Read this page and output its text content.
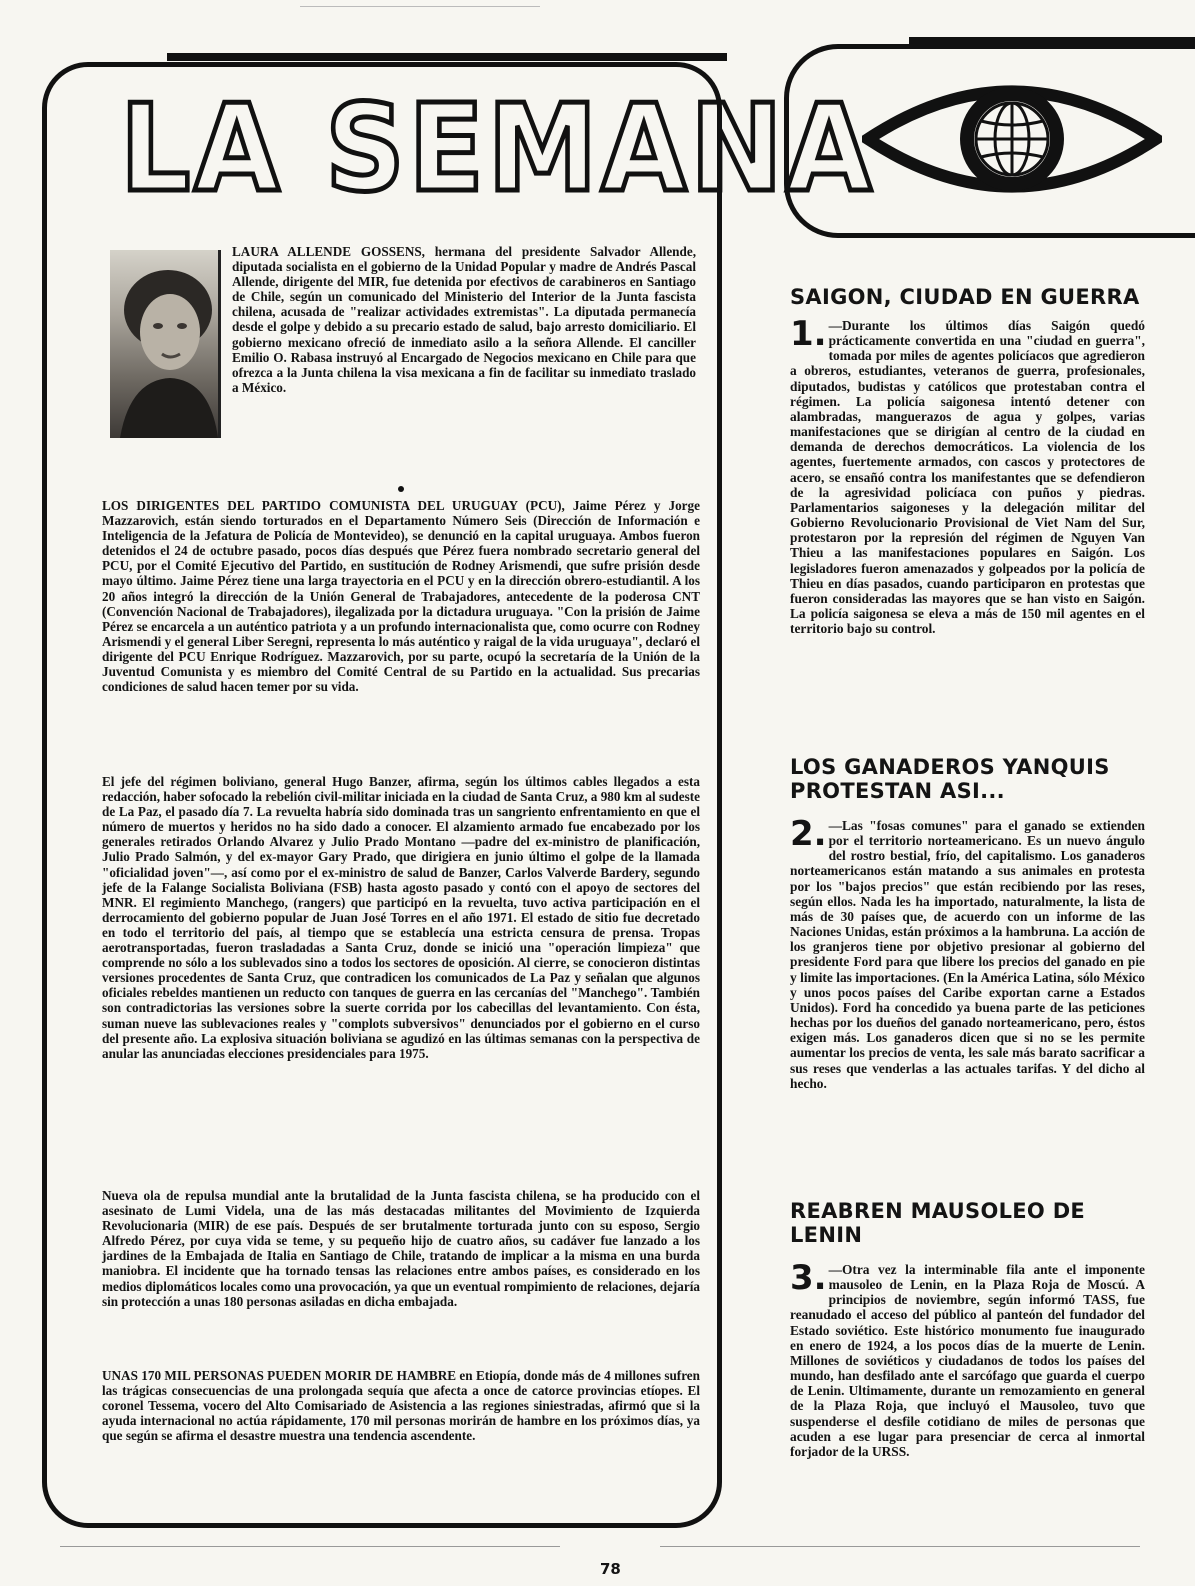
LA SEMANA

LAURA ALLENDE GOSSENS, hermana del presidente Salvador Allende, diputada socialista en el gobierno de la Unidad Popular y madre de Andrés Pascal Allende, dirigente del MIR, fue detenida por efectivos de carabineros en Santiago de Chile, según un comunicado del Ministerio del Interior de la Junta fascista chilena, acusada de "realizar actividades extremistas". La diputada permanecía desde el golpe y debido a su precario estado de salud, bajo arresto domiciliario. El gobierno mexicano ofreció de inmediato asilo a la señora Allende. El canciller Emilio O. Rabasa instruyó al Encargado de Negocios mexicano en Chile para que ofrezca a la Junta chilena la visa mexicana a fin de facilitar su inmediato traslado a México.

LOS DIRIGENTES DEL PARTIDO COMUNISTA DEL URUGUAY (PCU), Jaime Pérez y Jorge Mazzarovich, están siendo torturados en el Departamento Número Seis (Dirección de Información e Inteligencia de la Jefatura de Policía de Montevideo), se denunció en la capital uruguaya. Ambos fueron detenidos el 24 de octubre pasado, pocos días después que Pérez fuera nombrado secretario general del PCU, por el Comité Ejecutivo del Partido, en sustitución de Rodney Arismendi, que sufre prisión desde mayo último. Jaime Pérez tiene una larga trayectoria en el PCU y en la dirección obrero-estudiantil. A los 20 años integró la dirección de la Unión General de Trabajadores, antecedente de la poderosa CNT (Convención Nacional de Trabajadores), ilegalizada por la dictadura uruguaya. "Con la prisión de Jaime Pérez se encarcela a un auténtico patriota y a un profundo internacionalista que, como ocurre con Rodney Arismendi y el general Liber Seregni, representa lo más auténtico y raigal de la vida uruguaya", declaró el dirigente del PCU Enrique Rodríguez. Mazzarovich, por su parte, ocupó la secretaría de la Unión de la Juventud Comunista y es miembro del Comité Central de su Partido en la actualidad. Sus precarias condiciones de salud hacen temer por su vida.

El jefe del régimen boliviano, general Hugo Banzer, afirma, según los últimos cables llegados a esta redacción, haber sofocado la rebelión civil-militar iniciada en la ciudad de Santa Cruz, a 980 km al sudeste de La Paz, el pasado día 7. La revuelta habría sido dominada tras un sangriento enfrentamiento en que el número de muertos y heridos no ha sido dado a conocer. El alzamiento armado fue encabezado por los generales retirados Orlando Alvarez y Julio Prado Montano —padre del ex-ministro de planificación, Julio Prado Salmón, y del ex-mayor Gary Prado, que dirigiera en junio último el golpe de la llamada "oficialidad joven"—, así como por el ex-ministro de salud de Banzer, Carlos Valverde Bardery, segundo jefe de la Falange Socialista Boliviana (FSB) hasta agosto pasado y contó con el apoyo de sectores del MNR. El regimiento Manchego, (rangers) que participó en la revuelta, tuvo activa participación en el derrocamiento del gobierno popular de Juan José Torres en el año 1971. El estado de sitio fue decretado en todo el territorio del país, al tiempo que se establecía una estricta censura de prensa. Tropas aerotransportadas, fueron trasladadas a Santa Cruz, donde se inició una "operación limpieza" que comprende no sólo a los sublevados sino a todos los sectores de oposición. Al cierre, se conocieron distintas versiones procedentes de Santa Cruz, que contradicen los comunicados de La Paz y señalan que algunos oficiales rebeldes mantienen un reducto con tanques de guerra en las cercanías del "Manchego". También son contradictorias las versiones sobre la suerte corrida por los cabecillas del levantamiento. Con ésta, suman nueve las sublevaciones reales y "complots subversivos" denunciados por el gobierno en el curso del presente año. La explosiva situación boliviana se agudizó en las últimas semanas con la perspectiva de anular las anunciadas elecciones presidenciales para 1975.

Nueva ola de repulsa mundial ante la brutalidad de la Junta fascista chilena, se ha producido con el asesinato de Lumi Videla, una de las más destacadas militantes del Movimiento de Izquierda Revolucionaria (MIR) de ese país. Después de ser brutalmente torturada junto con su esposo, Sergio Alfredo Pérez, por cuya vida se teme, y su pequeño hijo de cuatro años, su cadáver fue lanzado a los jardines de la Embajada de Italia en Santiago de Chile, tratando de implicar a la misma en una burda maniobra. El incidente que ha tornado tensas las relaciones entre ambos países, es considerado en los medios diplomáticos locales como una provocación, ya que un eventual rompimiento de relaciones, dejaría sin protección a unas 180 personas asiladas en dicha embajada.

UNAS 170 MIL PERSONAS PUEDEN MORIR DE HAMBRE en Etiopía, donde más de 4 millones sufren las trágicas consecuencias de una prolongada sequía que afecta a once de catorce provincias etíopes. El coronel Tessema, vocero del Alto Comisariado de Asistencia a las regiones siniestradas, afirmó que si la ayuda internacional no actúa rápidamente, 170 mil personas morirán de hambre en los próximos días, ya que según se afirma el desastre muestra una tendencia ascendente.

SAIGON, CIUDAD EN GUERRA

1. —Durante los últimos días Saigón quedó prácticamente convertida en una "ciudad en guerra", tomada por miles de agentes policíacos que agredieron a obreros, estudiantes, veteranos de guerra, profesionales, diputados, budistas y católicos que protestaban contra el régimen. La policía saigonesa intentó detener con alambradas, manguerazos de agua y golpes, varias manifestaciones que se dirigían al centro de la ciudad en demanda de derechos democráticos. La violencia de los agentes, fuertemente armados, con cascos y protectores de acero, se ensañó contra los manifestantes que se defendieron de la agresividad policíaca con puños y piedras. Parlamentarios saigoneses y la delegación militar del Gobierno Revolucionario Provisional de Viet Nam del Sur, protestaron por la represión del régimen de Nguyen Van Thieu a las manifestaciones populares en Saigón. Los legisladores fueron amenazados y golpeados por la policía de Thieu en días pasados, cuando participaron en protestas que fueron consideradas las mayores que se han visto en Saigón. La policía saigonesa se eleva a más de 150 mil agentes en el territorio bajo su control.

LOS GANADEROS YANQUIS PROTESTAN ASI...

2. —Las "fosas comunes" para el ganado se extienden por el territorio norteamericano. Es un nuevo ángulo del rostro bestial, frío, del capitalismo. Los ganaderos norteamericanos están matando a sus animales en protesta por los "bajos precios" que están recibiendo por las reses, según ellos. Nada les ha importado, naturalmente, la lista de más de 30 países que, de acuerdo con un informe de las Naciones Unidas, están próximos a la hambruna. La acción de los granjeros tiene por objetivo presionar al gobierno del presidente Ford para que libere los precios del ganado en pie y limite las importaciones. (En la América Latina, sólo México y unos pocos países del Caribe exportan carne a Estados Unidos). Ford ha concedido ya buena parte de las peticiones hechas por los dueños del ganado norteamericano, pero, éstos exigen más. Los ganaderos dicen que si no se les permite aumentar los precios de venta, les sale más barato sacrificar a sus reses que venderlas a las actuales tarifas. Y del dicho al hecho.

REABREN MAUSOLEO DE LENIN

3. —Otra vez la interminable fila ante el imponente mausoleo de Lenin, en la Plaza Roja de Moscú. A principios de noviembre, según informó TASS, fue reanudado el acceso del público al panteón del fundador del Estado soviético. Este histórico monumento fue inaugurado en enero de 1924, a los pocos días de la muerte de Lenin. Millones de soviéticos y ciudadanos de todos los países del mundo, han desfilado ante el sarcófago que guarda el cuerpo de Lenin. Ultimamente, durante un remozamiento en general de la Plaza Roja, que incluyó el Mausoleo, tuvo que suspenderse el desfile cotidiano de miles de personas que acuden a ese lugar para presenciar de cerca al inmortal forjador de la URSS.

78
